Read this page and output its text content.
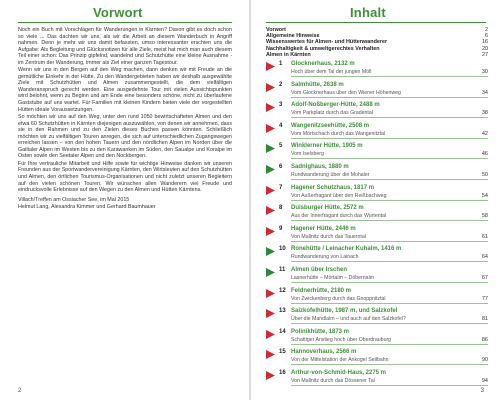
Vorwort

Noch ein Buch mit Vorschlägen für Wanderungen in Kärnten? Davon gibt es doch schon so viele ... Das dachten wir uns, als wir die Arbeit an diesem Wanderbuch in Angriff nahmen. Denn je mehr wir uns damit befassten, umso interessanter erschien uns die Aufgabe: Als Begleitung und Glücksnotizen für alle Ziele, meist hat mich man auch diesem Teil einer schon: Das Prinzip gipfelnd, wandelnd und Schutzhütte eine kleine Ausnahme - im Zentrum der Wanderung, immer als Ziel einer ganzen Tagestour.

Wenn wir uns in den Bergen auf den Weg machen, dann denken wir mit Freude an die gemütliche Einkehr in der Hütte. Zu den Wandergebieten haben wir deshalb ausgewählte Ziele mit Schutzhütten und Almen zusammengestellt, die dem vielfältigen Wanderanspruch gerecht werden. Eine ausgedehnte Tour mit vielen Aussichtspunkten wird belohnt, wenn zu Beginn und am Ende eine besonders schöne, nicht zu überlaufene Gaststube auf uns wartet. Für Familien mit kleinen Kindern bieten viele der vorgestellten Hütten ideale Voraussetzungen.

So möchten wir uns auf den Weg, unter den rund 1050 bewirtschafteten Almen und den etwa 60 Schutzhütten in Kärnten diejenigen auszuwählen, von denen wir annehmen, dass sie in den Rahmen und zu den Zielen dieses Buches passen könnten. Schließlich möchten wir zu vielfältigen Touren anregen, die sich auf unterschiedlichen Zugangswegen erreichen lassen – von den hohen Tauern und den nördlichen Alpen im Norden über die Gailtaler Alpen im Westen bis zu den Karawanken im Süden, den Saualpe und Koralpe im Osten sowie den Seetaler Alpen und den Nockbergen.

Für Ihre vertrauliche Mitarbeit und Hilfe sowie für wichtige Hinweise danken wir unseren Freunden aus der Sportwandervereinigung Kärnten, den Wirtsleuten auf den Schutzhütten und Almen, den örtlichen Tourismus-Organisationen und nicht zuletzt unseren Begleitern auf den vielen schönen Touren. Wir wünschen allen Wanderern viel Freude und eindrucksvolle Erlebnisse auf den Wegen zu den Almen und Hütten Kärntens.

Villach/Treffen am Ossiacher See, im Mai 2015

Helmut Lang, Alexandra Kimmer und Gerhard Baumhauer

2
Inhalt
Vorwort	2
Allgemeine Hinweise	6
Wissenswertes für Almen- und Hüttenwanderer	16
Nachhaltigkeit & umweltgerechtes Verhalten	20
Almen in Kärnten	27
1 Glocknerhaus, 2132 m
Hoch über dem Tal der jungen Möll	30
2 Salmhütte, 2638 m
Vom Glocknerhaus über den Wiener Höhenweg	34
3 Adolf-Noßberger-Hütte, 2488 m
Vom Parkplatz durch das Gradental	38
4 Wangenitzseehütte, 2508 m
Vom Mörtschach durch das Wangenitztal	42
5 Winklerner Hütte, 1905 m
Vom Iselsberg	46
6 Sadnighaus, 1880 m
Rundwanderung über die Mohaler	50
7 Hagener Schutzhaus, 1817 m
Von Außerfragant über den Reißbachweg	54
8 Duisburger Hütte, 2572 m
Aus der Innerfragant durch das Wurtental	58
9 Hagener Hütte, 2446 m
Von Mallnitz durch das Tauerntal	61
10 Ronehütte / Leinacher Kuhalm, 1416 m
Rundwanderung von Lainach	64
11 Almen über Irschen
Lasnerhütte – Mörtalm – Döbernalm	67
12 Feldnerhütte, 2180 m
Von Zwickenberg durch das Gnoppnitztal	77
13 Salzkofelhütte, 1987 m, und Salzkofel
Über die Mandlalm – und auch auf den Salzkofel?	81
14 Polinikhütte, 1873 m
Schattiger Anstieg hoch über Oberdrauburg	86
15 Hannoverhaus, 2566 m
Von der Mittelstation der Ankogel Seilbahn	90
16 Arthur-von-Schmid-Haus, 2275 m
Von Mallnitz durch das Dössener Tal	94
3
